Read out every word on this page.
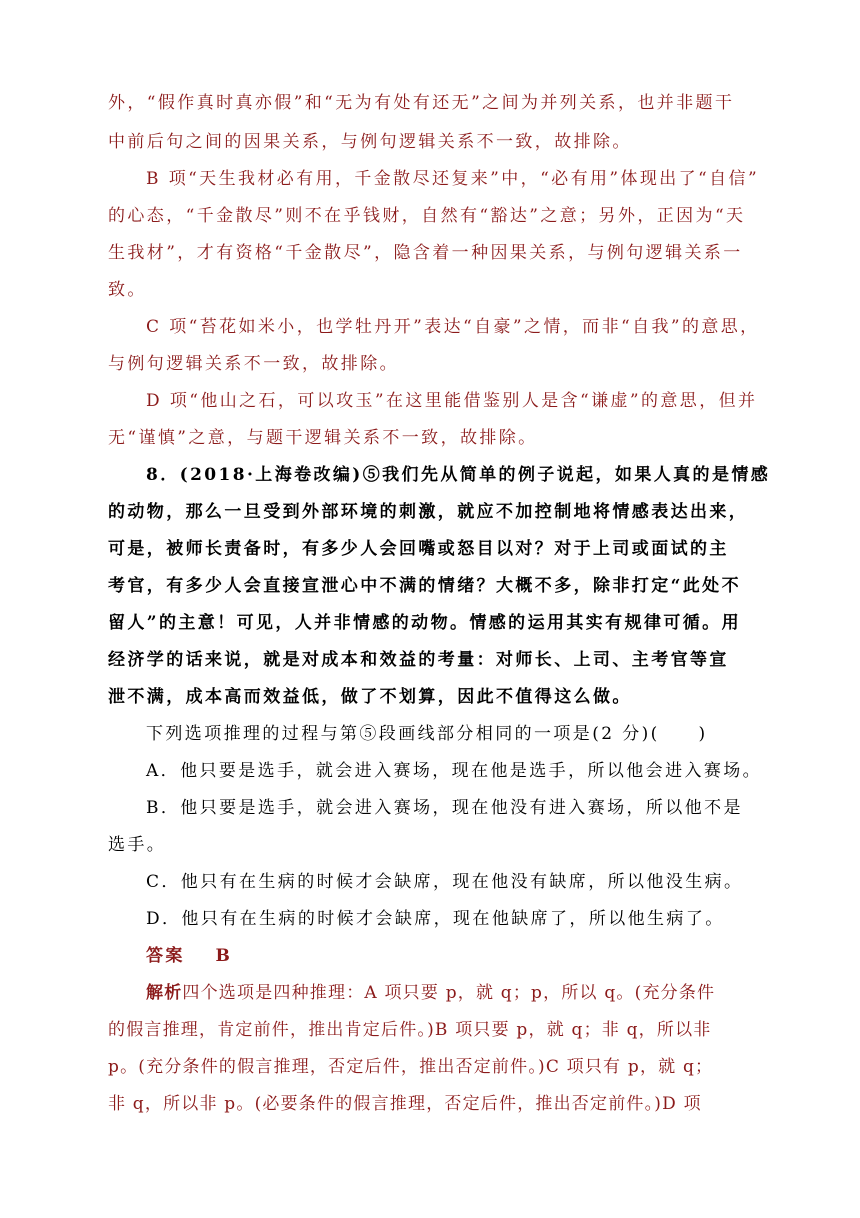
外，“假作真时真亦假”和“无为有处有还无”之间为并列关系，也并非题干
中前后句之间的因果关系，与例句逻辑关系不一致，故排除。
B 项“天生我材必有用，千金散尽还复来”中，“必有用”体现出了“自信”
的心态，“千金散尽”则不在乎钱财，自然有“豁达”之意；另外，正因为“天
生我材”，才有资格“千金散尽”，隐含着一种因果关系，与例句逻辑关系一
致。
C 项“苔花如米小，也学牡丹开”表达“自豪”之情，而非“自我”的意思，
与例句逻辑关系不一致，故排除。
D 项“他山之石，可以攻玉”在这里能借鉴别人是含“谦虚”的意思，但并
无“谨慎”之意，与题干逻辑关系不一致，故排除。
8．(2018·上海卷改编)⑤我们先从简单的例子说起，如果人真的是情感
的动物，那么一旦受到外部环境的刺激，就应不加控制地将情感表达出来，
可是，被师长责备时，有多少人会回嘴或怒目以对？对于上司或面试的主
考官，有多少人会直接宣泄心中不满的情绪？大概不多，除非打定“此处不
留人”的主意！可见，人并非情感的动物。情感的运用其实有规律可循。用
经济学的话来说，就是对成本和效益的考量：对师长、上司、主考官等宣
泄不满，成本高而效益低，做了不划算，因此不值得这么做。
下列选项推理的过程与第⑤段画线部分相同的一项是(2 分)(　　)
A．他只要是选手，就会进入赛场，现在他是选手，所以他会进入赛场。
B．他只要是选手，就会进入赛场，现在他没有进入赛场，所以他不是
选手。
C．他只有在生病的时候才会缺席，现在他没有缺席，所以他没生病。
D．他只有在生病的时候才会缺席，现在他缺席了，所以他生病了。
答案 B
解析四个选项是四种推理：A 项只要 p，就 q；p，所以 q。(充分条件
的假言推理，肯定前件，推出肯定后件。)B 项只要 p，就 q；非 q，所以非
p。(充分条件的假言推理，否定后件，推出否定前件。)C 项只有 p，就 q；
非 q，所以非 p。(必要条件的假言推理，否定后件，推出否定前件。)D 项
